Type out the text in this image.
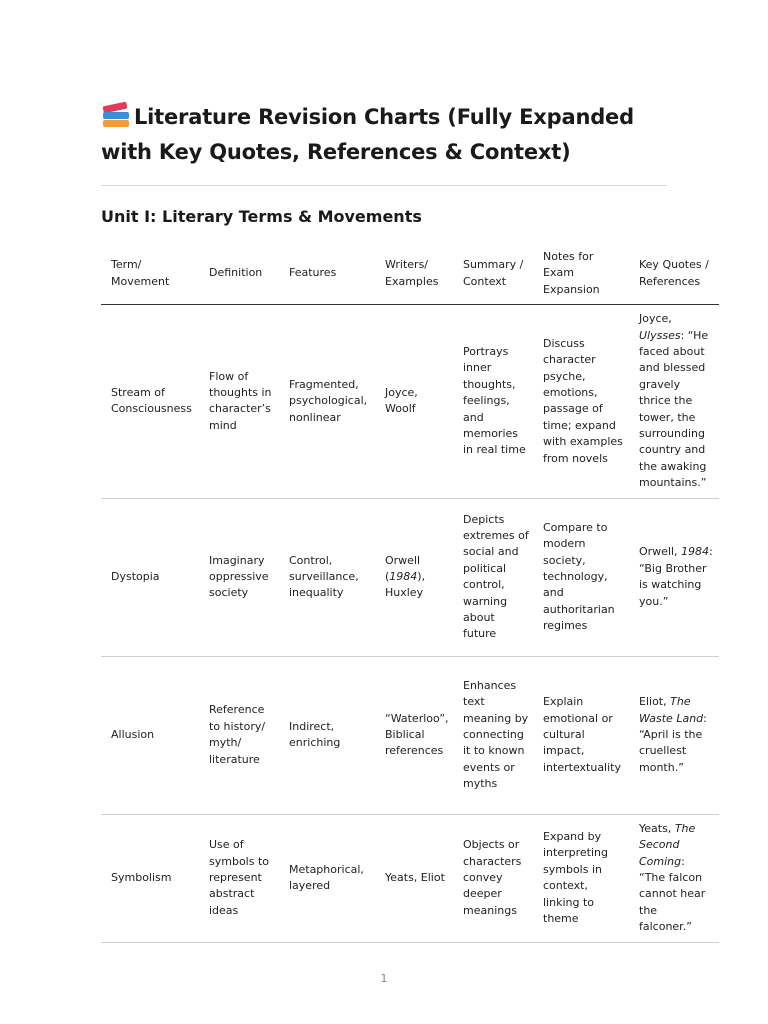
Literature Revision Charts (Fully Expanded with Key Quotes, References & Context)
Unit I: Literary Terms & Movements
Term/ Movement	Definition	Features	Writers/ Examples	Summary / Context	Notes for Exam Expansion	Key Quotes / References
Stream of Consciousness	Flow of thoughts in character’s mind	Fragmented, psychological, nonlinear	Joyce, Woolf	Portrays inner thoughts, feelings, and memories in real time	Discuss character psyche, emotions, passage of time; expand with examples from novels	Joyce, Ulysses: “He faced about and blessed gravely thrice the tower, the surrounding country and the awaking mountains.”
Dystopia	Imaginary oppressive society	Control, surveillance, inequality	Orwell (1984), Huxley	Depicts extremes of social and political control, warning about future	Compare to modern society, technology, and authoritarian regimes	Orwell, 1984: “Big Brother is watching you.”
Allusion	Reference to history/ myth/ literature	Indirect, enriching	“Waterloo”, Biblical references	Enhances text meaning by connecting it to known events or myths	Explain emotional or cultural impact, intertextuality	Eliot, The Waste Land: “April is the cruellest month.”
Symbolism	Use of symbols to represent abstract ideas	Metaphorical, layered	Yeats, Eliot	Objects or characters convey deeper meanings	Expand by interpreting symbols in context, linking to theme	Yeats, The Second Coming: “The falcon cannot hear the falconer.”
1
